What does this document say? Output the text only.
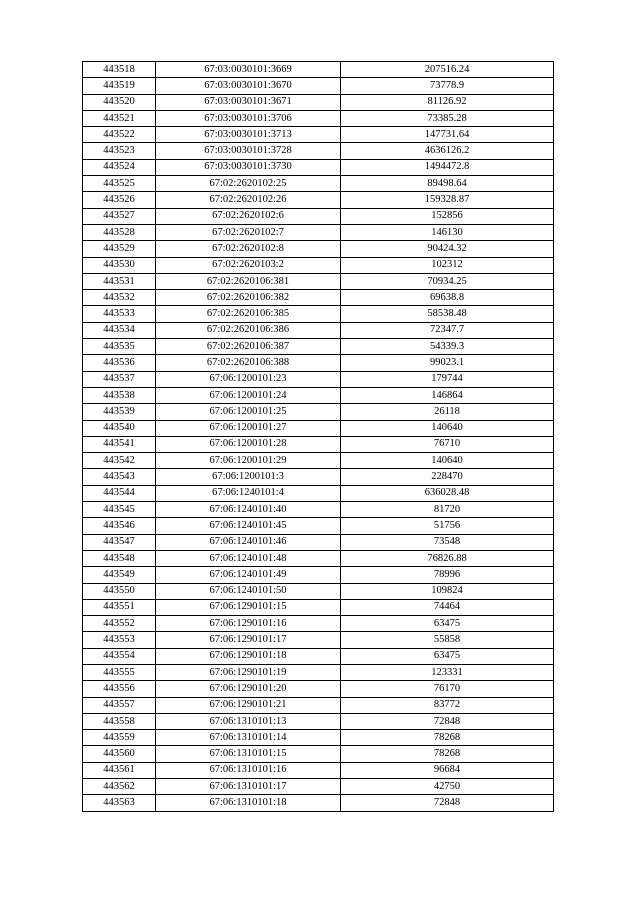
443518	67:03:0030101:3669	207516.24
443519	67:03:0030101:3670	73778.9
443520	67:03:0030101:3671	81126.92
443521	67:03:0030101:3706	73385.28
443522	67:03:0030101:3713	147731.64
443523	67:03:0030101:3728	4636126.2
443524	67:03:0030101:3730	1494472.8
443525	67:02:2620102:25	89498.64
443526	67:02:2620102:26	159328.87
443527	67:02:2620102:6	152856
443528	67:02:2620102:7	146130
443529	67:02:2620102:8	90424.32
443530	67:02:2620103:2	102312
443531	67:02:2620106:381	70934.25
443532	67:02:2620106:382	69638.8
443533	67:02:2620106:385	58538.48
443534	67:02:2620106:386	72347.7
443535	67:02:2620106:387	54339.3
443536	67:02:2620106:388	99023.1
443537	67:06:1200101:23	179744
443538	67:06:1200101:24	146864
443539	67:06:1200101:25	26118
443540	67:06:1200101:27	140640
443541	67:06:1200101:28	76710
443542	67:06:1200101:29	140640
443543	67:06:1200101:3	228470
443544	67:06:1240101:4	636028.48
443545	67:06:1240101:40	81720
443546	67:06:1240101:45	51756
443547	67:06:1240101:46	73548
443548	67:06:1240101:48	76826.88
443549	67:06:1240101:49	78996
443550	67:06:1240101:50	109824
443551	67:06:1290101:15	74464
443552	67:06:1290101:16	63475
443553	67:06:1290101:17	55858
443554	67:06:1290101:18	63475
443555	67:06:1290101:19	123331
443556	67:06:1290101:20	76170
443557	67:06:1290101:21	83772
443558	67:06:1310101:13	72848
443559	67:06:1310101:14	78268
443560	67:06:1310101:15	78268
443561	67:06:1310101:16	96684
443562	67:06:1310101:17	42750
443563	67:06:1310101:18	72848
